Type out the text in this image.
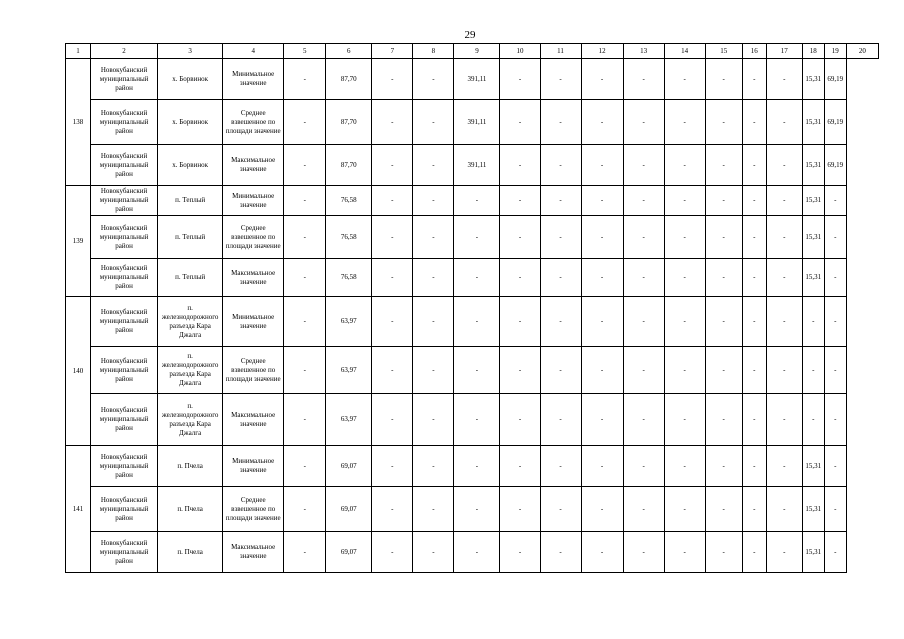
29
1	2	3	4	5	6	7	8	9	10	11	12	13	14	15	16	17	18	19	20
138	Новокубанский муниципальный район	х. Борвинок	Минимальное значение	-	87,70	-	-	391,11	-	-	-	-	-	-	-	-	15,31	69,19	
	Новокубанский муниципальный район	х. Борвинок	Среднее взвешенное по площади значение	-	87,70	-	-	391,11	-	-	-	-	-	-	-	-	15,31	69,19	
	Новокубанский муниципальный район	х. Борвинок	Максимальное значение	-	87,70	-	-	391,11	-	-	-	-	-	-	-	-	15,31	69,19	
139	Новокубанский муниципальный район	п. Теплый	Минимальное значение	-	76,58	-	-	-	-	-	-	-	-	-	-	-	15,31	-	
	Новокубанский муниципальный район	п. Теплый	Среднее взвешенное по площади значение	-	76,58	-	-	-	-	-	-	-	-	-	-	-	15,31	-	
	Новокубанский муниципальный район	п. Теплый	Максимальное значение	-	76,58	-	-	-	-	-	-	-	-	-	-	-	15,31	-	
140	Новокубанский муниципальный район	п. железнодорожного разъезда Кара Джалга	Минимальное значение	-	63,97	-	-	-	-	-	-	-	-	-	-	-	-	-	
	Новокубанский муниципальный район	п. железнодорожного разъезда Кара Джалга	Среднее взвешенное по площади значение	-	63,97	-	-	-	-	-	-	-	-	-	-	-	-	-	
	Новокубанский муниципальный район	п. железнодорожного разъезда Кара Джалга	Максимальное значение	-	63,97	-	-	-	-	-	-	-	-	-	-	-	-	-	
141	Новокубанский муниципальный район	п. Пчела	Минимальное значение	-	69,07	-	-	-	-	-	-	-	-	-	-	-	15,31	-	
	Новокубанский муниципальный район	п. Пчела	Среднее взвешенное по площади значение	-	69,07	-	-	-	-	-	-	-	-	-	-	-	15,31	-	
	Новокубанский муниципальный район	п. Пчела	Максимальное значение	-	69,07	-	-	-	-	-	-	-	-	-	-	-	15,31	-	
